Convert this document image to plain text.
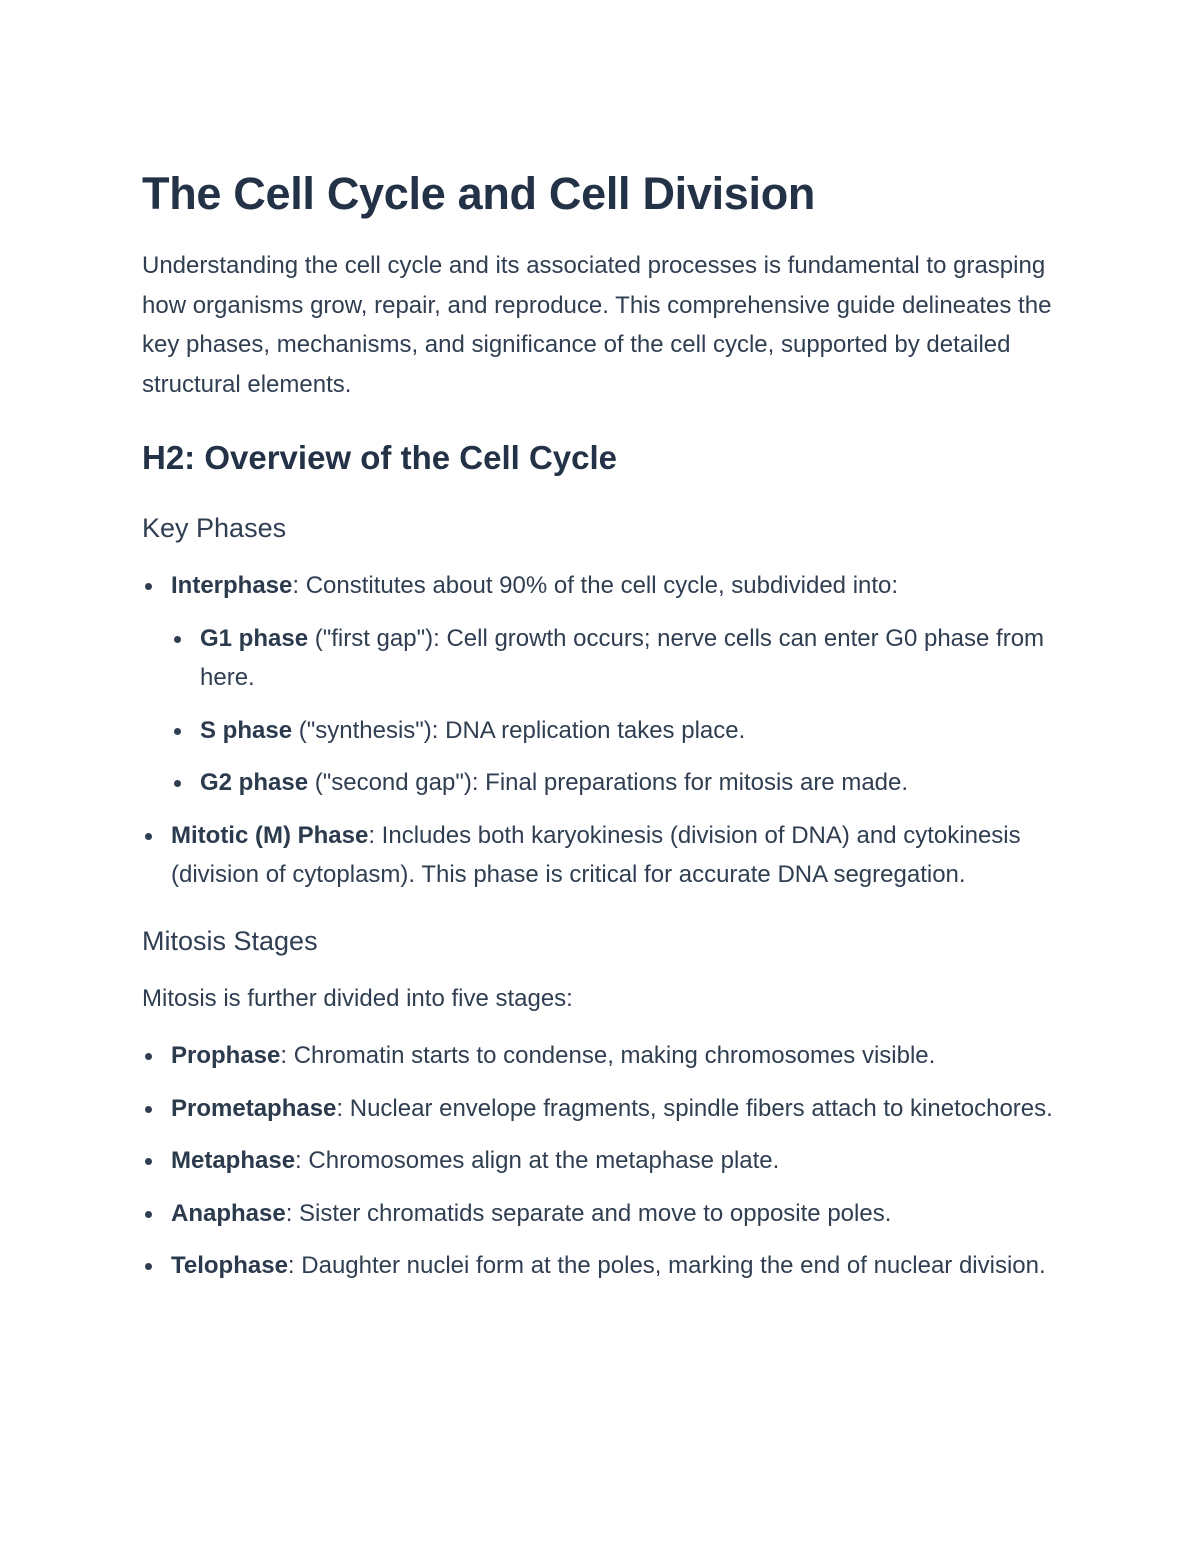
The Cell Cycle and Cell Division

Understanding the cell cycle and its associated processes is fundamental to grasping how organisms grow, repair, and reproduce. This comprehensive guide delineates the key phases, mechanisms, and significance of the cell cycle, supported by detailed structural elements.

H2: Overview of the Cell Cycle
Key Phases
Interphase: Constitutes about 90% of the cell cycle, subdivided into:
G1 phase ("first gap"): Cell growth occurs; nerve cells can enter G0 phase from here.
S phase ("synthesis"): DNA replication takes place.
G2 phase ("second gap"): Final preparations for mitosis are made.
Mitotic (M) Phase: Includes both karyokinesis (division of DNA) and cytokinesis (division of cytoplasm). This phase is critical for accurate DNA segregation.
Mitosis Stages

Mitosis is further divided into five stages:

Prophase: Chromatin starts to condense, making chromosomes visible.
Prometaphase: Nuclear envelope fragments, spindle fibers attach to kinetochores.
Metaphase: Chromosomes align at the metaphase plate.
Anaphase: Sister chromatids separate and move to opposite poles.
Telophase: Daughter nuclei form at the poles, marking the end of nuclear division.
